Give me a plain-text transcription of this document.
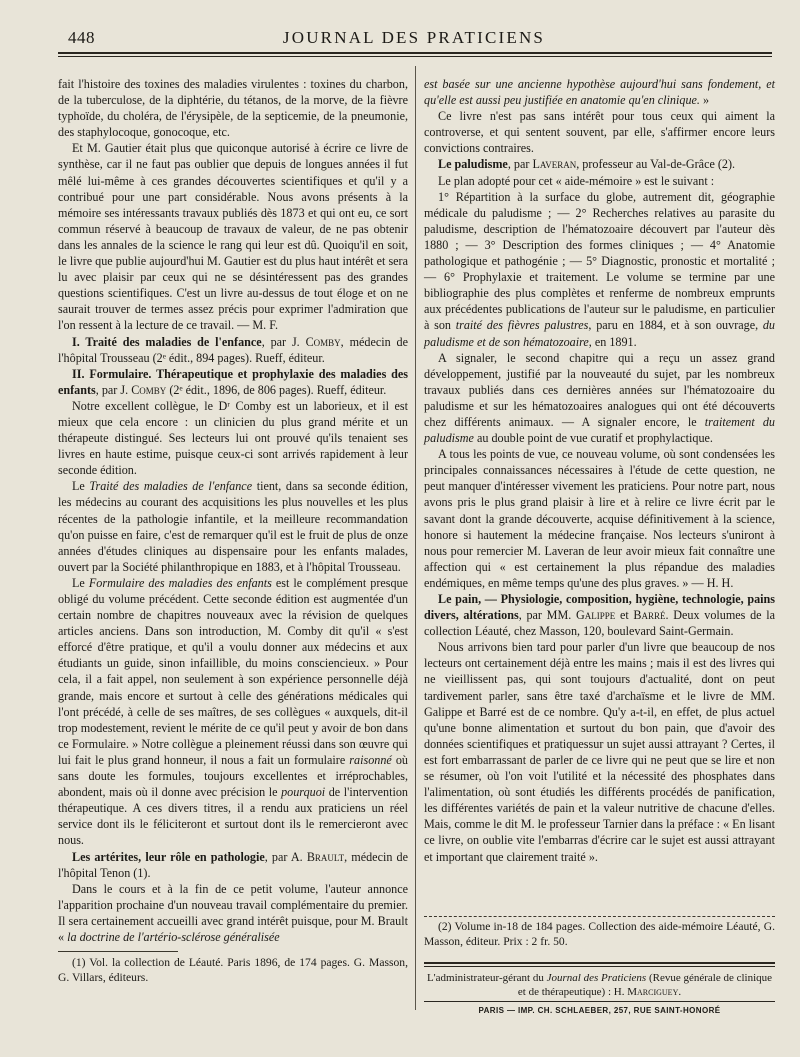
448	JOURNAL DES PRATICIENS

fait l'histoire des toxines des maladies virulentes : toxines du charbon, de la tuberculose, de la diphtérie, du tétanos, de la morve, de la fièvre typhoïde, du choléra, de l'érysipèle, de la septicemie, de la pneumonie, des staphylocoque, gonocoque, etc.

Et M. Gautier était plus que quiconque autorisé à écrire ce livre de synthèse, car il ne faut pas oublier que depuis de longues années il fut mêlé lui-même à ces grandes découvertes scientifiques et qu'il y a contribué pour une part considérable. Nous avons présents à la mémoire ses intéressants travaux publiés dès 1873 et qui ont eu, ce sort commun réservé à beaucoup de travaux de valeur, de ne pas obtenir dans les annales de la science le rang qui leur est dû. Quoiqu'il en soit, le livre que publie aujourd'hui M. Gautier est du plus haut intérêt et sera lu avec plaisir par ceux qui ne se désintéressent pas des grandes questions scientifiques. C'est un livre au-dessus de tout éloge et on ne saurait trouver de termes assez précis pour exprimer l'admiration que l'on ressent à la lecture de ce travail. — M. F.

I. Traité des maladies de l'enfance, par J. Comby, médecin de l'hôpital Trousseau (2ᵉ édit., 894 pages). Rueff, éditeur.

II. Formulaire. Thérapeutique et prophylaxie des maladies des enfants, par J. Comby (2ᵉ édit., 1896, de 806 pages). Rueff, éditeur.

Notre excellent collègue, le Dʳ Comby est un laborieux, et il est mieux que cela encore : un clinicien du plus grand mérite et un thérapeute distingué. Ses lecteurs lui ont prouvé qu'ils tenaient ses livres en haute estime, puisque ceux-ci sont arrivés rapidement à leur seconde édition.

Le Traité des maladies de l'enfance tient, dans sa seconde édition, les médecins au courant des acquisitions les plus nouvelles et les plus récentes de la pathologie infantile, et la meilleure recommandation qu'on puisse en faire, c'est de remarquer qu'il est le fruit de plus de onze années d'études cliniques au dispensaire pour les enfants malades, ouvert par la Société philanthropique en 1883, et à l'hôpital Trousseau.

Le Formulaire des maladies des enfants est le complément presque obligé du volume précédent. Cette seconde édition est augmentée d'un certain nombre de chapitres nouveaux avec la révision de quelques articles anciens. Dans son introduction, M. Comby dit qu'il « s'est efforcé d'être pratique, et qu'il a voulu donner aux médecins et aux étudiants un guide, sinon infaillible, du moins consciencieux. » Pour cela, il a fait appel, non seulement à son expérience personnelle déjà grande, mais encore et surtout à celle des générations médicales qui l'ont précédé, à celle de ses maîtres, de ses collègues « auxquels, dit-il trop modestement, revient le mérite de ce qu'il peut y avoir de bon dans ce Formulaire. » Notre collègue a pleinement réussi dans son œuvre qui lui fait le plus grand honneur, il nous a fait un formulaire raisonné où sans doute les formules, toujours excellentes et irréprochables, abondent, mais où il donne avec précision le pourquoi de l'intervention thérapeutique. A ces divers titres, il a rendu aux praticiens un réel service dont ils le féliciteront et surtout dont ils le remercieront avec nous.

Les artérites, leur rôle en pathologie, par A. Brault, médecin de l'hôpital Tenon (1).

Dans le cours et à la fin de ce petit volume, l'auteur annonce l'apparition prochaine d'un nouveau travail complémentaire du premier. Il sera certainement accueilli avec grand intérêt puisque, pour M. Brault « la doctrine de l'artério-sclérose généralisée

(1) Vol. la collection de Léauté. Paris 1896, de 174 pages. G. Masson, G. Villars, éditeurs.

est basée sur une ancienne hypothèse aujourd'hui sans fondement, et qu'elle est aussi peu justifiée en anatomie qu'en clinique. »

Ce livre n'est pas sans intérêt pour tous ceux qui aiment la controverse, et qui sentent souvent, par elle, s'affirmer encore leurs convictions contraires.

Le paludisme, par Laveran, professeur au Val-de-Grâce (2).

Le plan adopté pour cet « aide-mémoire » est le suivant :

1° Répartition à la surface du globe, autrement dit, géographie médicale du paludisme ; — 2° Recherches relatives au parasite du paludisme, description de l'hématozoaire découvert par l'auteur dès 1880 ; — 3° Description des formes cliniques ; — 4° Anatomie pathologique et pathogénie ; — 5° Diagnostic, pronostic et mortalité ; — 6° Prophylaxie et traitement. Le volume se termine par une bibliographie des plus complètes et renferme de nombreux emprunts aux précédentes publications de l'auteur sur le paludisme, en particulier à son traité des fièvres palustres, paru en 1884, et à son ouvrage, du paludisme et de son hématozoaire, en 1891.

A signaler, le second chapitre qui a reçu un assez grand développement, justifié par la nouveauté du sujet, par les nombreux travaux publiés dans ces dernières années sur l'hématozoaire du paludisme et sur les hématozoaires analogues qui ont été découverts chez différents animaux. — A signaler encore, le traitement du paludisme au double point de vue curatif et prophylactique.

A tous les points de vue, ce nouveau volume, où sont condensées les principales connaissances nécessaires à l'étude de cette question, ne peut manquer d'intéresser vivement les praticiens. Pour notre part, nous avons pris le plus grand plaisir à lire et à relire ce livre écrit par le savant dont la grande découverte, acquise définitivement à la science, honore si hautement la médecine française. Nos lecteurs s'uniront à nous pour remercier M. Laveran de leur avoir mieux fait connaître une affection qui « est certainement la plus répandue des maladies endémiques, en même temps qu'une des plus graves. » — H. H.

Le pain, — Physiologie, composition, hygiène, technologie, pains divers, altérations, par MM. Galippe et Barré. Deux volumes de la collection Léauté, chez Masson, 120, boulevard Saint-Germain.

Nous arrivons bien tard pour parler d'un livre que beaucoup de nos lecteurs ont certainement déjà entre les mains ; mais il est des livres qui ne vieillissent pas, qui sont toujours d'actualité, dont on peut tardivement parler, sans être taxé d'archaïsme et le livre de MM. Galippe et Barré est de ce nombre. Qu'y a-t-il, en effet, de plus actuel qu'une bonne alimentation et surtout du bon pain, que d'avoir des données scientifiques et pratiquessur un sujet aussi attrayant ? Certes, il est fort embarrassant de parler de ce livre qui ne peut que se lire et non se résumer, où l'on voit l'utilité et la nécessité des phosphates dans l'alimentation, où sont étudiés les différents procédés de panification, les différentes variétés de pain et la valeur nutritive de chacune d'elles. Mais, comme le dit M. le professeur Tarnier dans la préface : « En lisant ce livre, on oublie vite l'embarras d'écrire car le sujet est aussi attrayant et important que clairement traité ».

(2) Volume in-18 de 184 pages. Collection des aide-mémoire Léauté, G. Masson, éditeur. Prix : 2 fr. 50.

L'administrateur-gérant du Journal des Praticiens (Revue générale de clinique et de thérapeutique) : H. Marciguey.
PARIS — IMP. CH. SCHLAEBER, 257, RUE SAINT-HONORÉ
